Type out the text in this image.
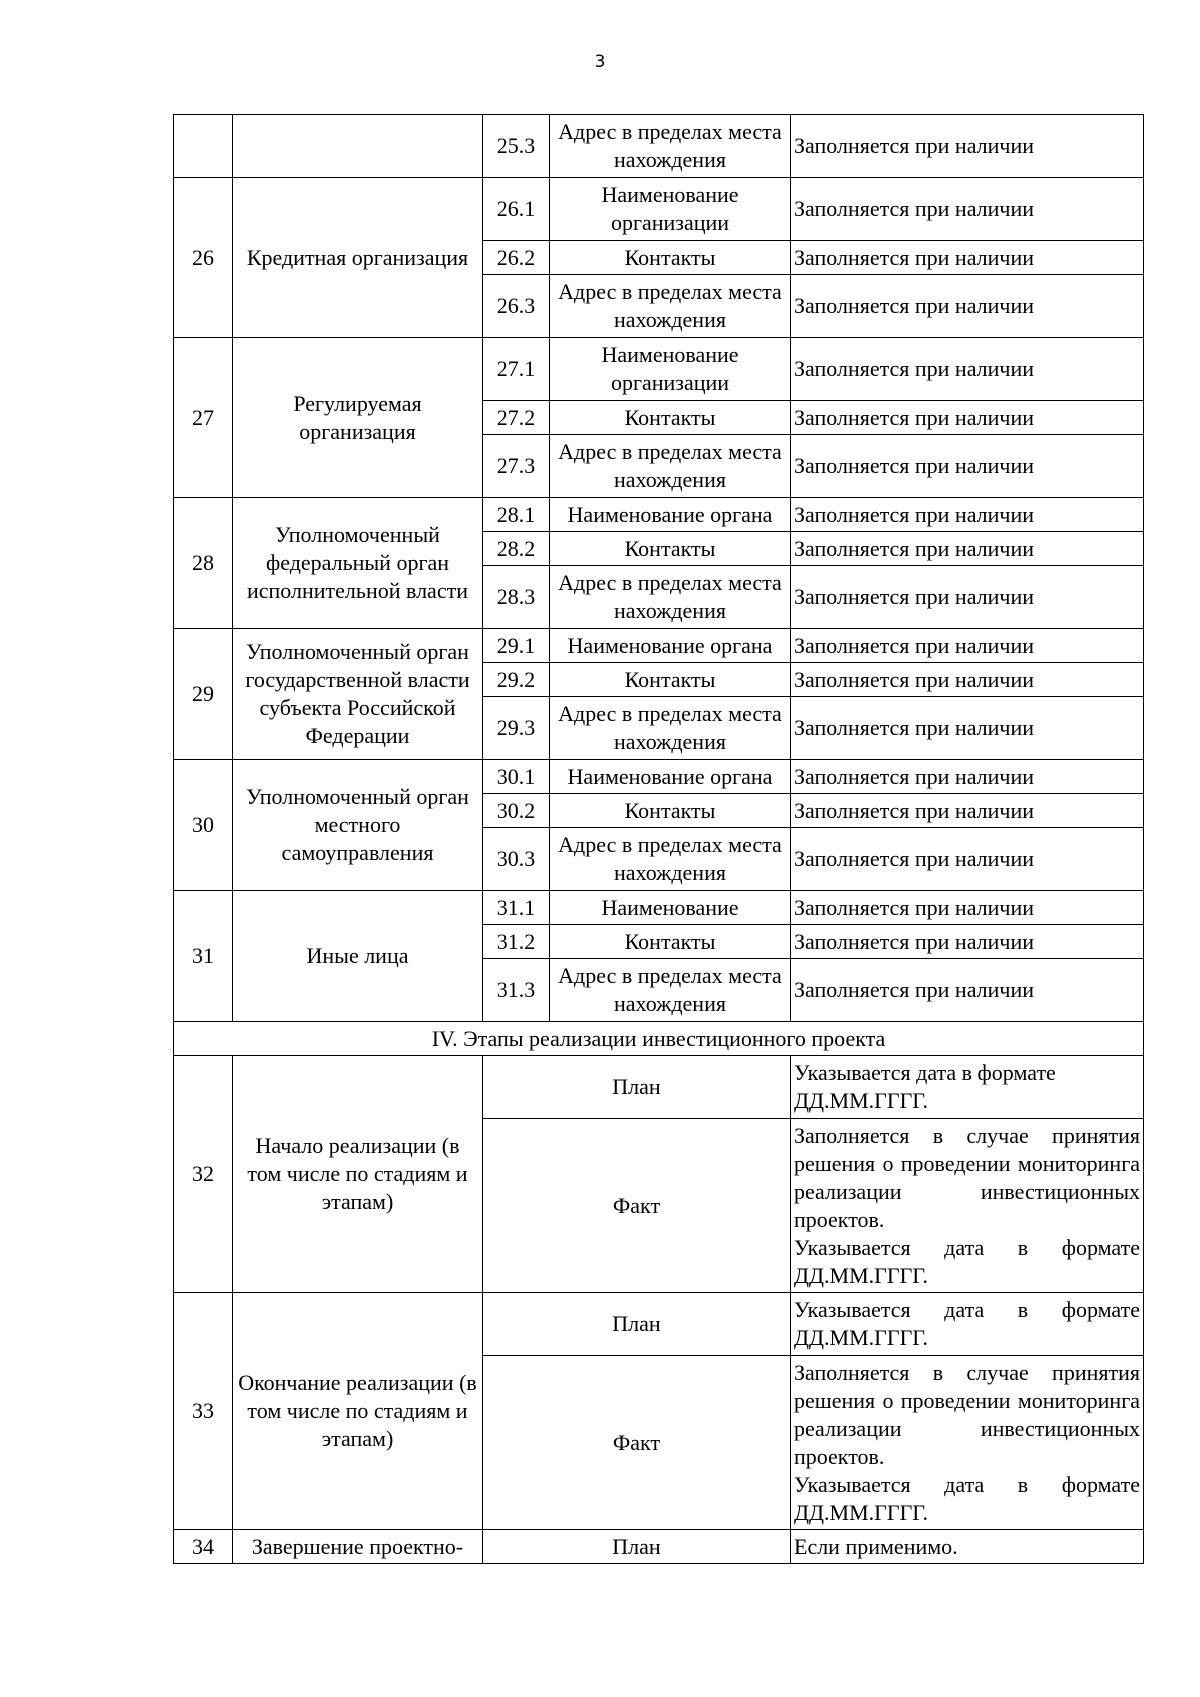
3
		25.3	Адрес в пределах места нахождения	Заполняется при наличии
26	Кредитная организация	26.1	Наименование организации	Заполняется при наличии
		26.2	Контакты	Заполняется при наличии
		26.3	Адрес в пределах места нахождения	Заполняется при наличии
27	Регулируемая организация	27.1	Наименование организации	Заполняется при наличии
		27.2	Контакты	Заполняется при наличии
		27.3	Адрес в пределах места нахождения	Заполняется при наличии
28	Уполномоченный федеральный орган исполнительной власти	28.1	Наименование органа	Заполняется при наличии
		28.2	Контакты	Заполняется при наличии
		28.3	Адрес в пределах места нахождения	Заполняется при наличии
29	Уполномоченный орган государственной власти субъекта Российской Федерации	29.1	Наименование органа	Заполняется при наличии
		29.2	Контакты	Заполняется при наличии
		29.3	Адрес в пределах места нахождения	Заполняется при наличии
30	Уполномоченный орган местного самоуправления	30.1	Наименование органа	Заполняется при наличии
		30.2	Контакты	Заполняется при наличии
		30.3	Адрес в пределах места нахождения	Заполняется при наличии
31	Иные лица	31.1	Наименование	Заполняется при наличии
		31.2	Контакты	Заполняется при наличии
		31.3	Адрес в пределах места нахождения	Заполняется при наличии
IV. Этапы реализации инвестиционного проекта				
32	Начало реализации (в том числе по стадиям и этапам)	План		Указывается дата в формате ДД.ММ.ГГГГ.
		Факт		Заполняется в случае принятия решения о проведении мониторинга реализации инвестиционных проектов.
Указывается дата в формате ДД.ММ.ГГГГ.

33	Окончание реализации (в том числе по стадиям и этапам)	План		Указывается дата в формате ДД.ММ.ГГГГ.
		Факт		Заполняется в случае принятия решения о проведении мониторинга реализации инвестиционных проектов.
Указывается дата в формате ДД.ММ.ГГГГ.

34	Завершение проектно-	План		Если применимо.
